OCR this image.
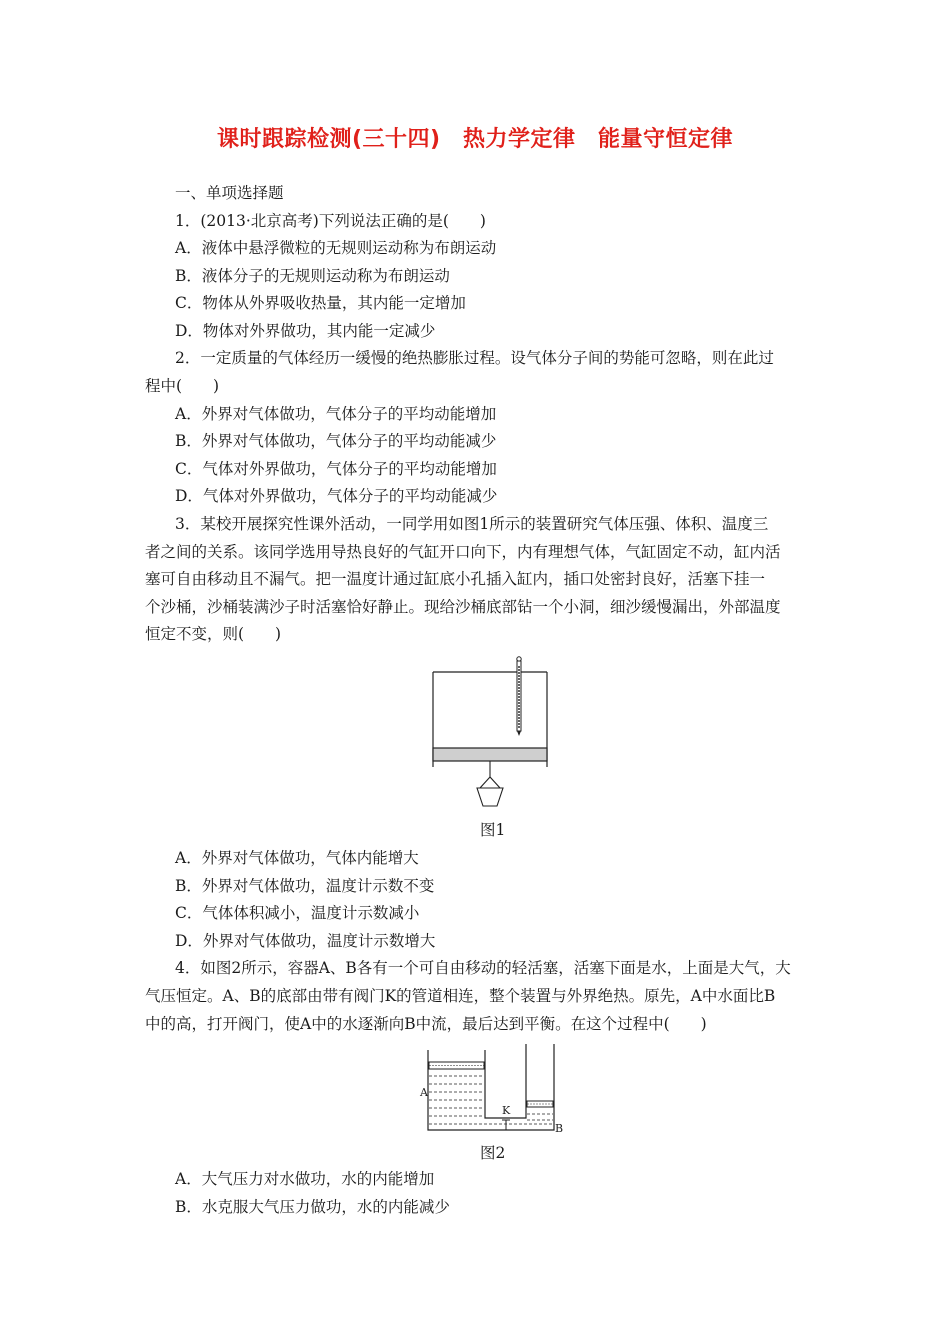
课时跟踪检测(三十四)　热力学定律　能量守恒定律
一、单项选择题
1．(2013·北京高考)下列说法正确的是(　　)
A．液体中悬浮微粒的无规则运动称为布朗运动
B．液体分子的无规则运动称为布朗运动
C．物体从外界吸收热量，其内能一定增加
D．物体对外界做功，其内能一定减少
2．一定质量的气体经历一缓慢的绝热膨胀过程。设气体分子间的势能可忽略，则在此过
程中(　　)
A．外界对气体做功，气体分子的平均动能增加
B．外界对气体做功，气体分子的平均动能减少
C．气体对外界做功，气体分子的平均动能增加
D．气体对外界做功，气体分子的平均动能减少
3．某校开展探究性课外活动，一同学用如图1所示的装置研究气体压强、体积、温度三
者之间的关系。该同学选用导热良好的气缸开口向下，内有理想气体，气缸固定不动，缸内活
塞可自由移动且不漏气。把一温度计通过缸底小孔插入缸内，插口处密封良好，活塞下挂一
个沙桶，沙桶装满沙子时活塞恰好静止。现给沙桶底部钻一个小洞，细沙缓慢漏出，外部温度
恒定不变，则(　　)
图1
A．外界对气体做功，气体内能增大
B．外界对气体做功，温度计示数不变
C．气体体积减小，温度计示数减小
D．外界对气体做功，温度计示数增大
4．如图2所示，容器A、B各有一个可自由移动的轻活塞，活塞下面是水，上面是大气，大
气压恒定。A、B的底部由带有阀门K的管道相连，整个装置与外界绝热。原先，A中水面比B
中的高，打开阀门，使A中的水逐渐向B中流，最后达到平衡。在这个过程中(　　)
A
K
B
图2
A．大气压力对水做功，水的内能增加
B．水克服大气压力做功，水的内能减少
